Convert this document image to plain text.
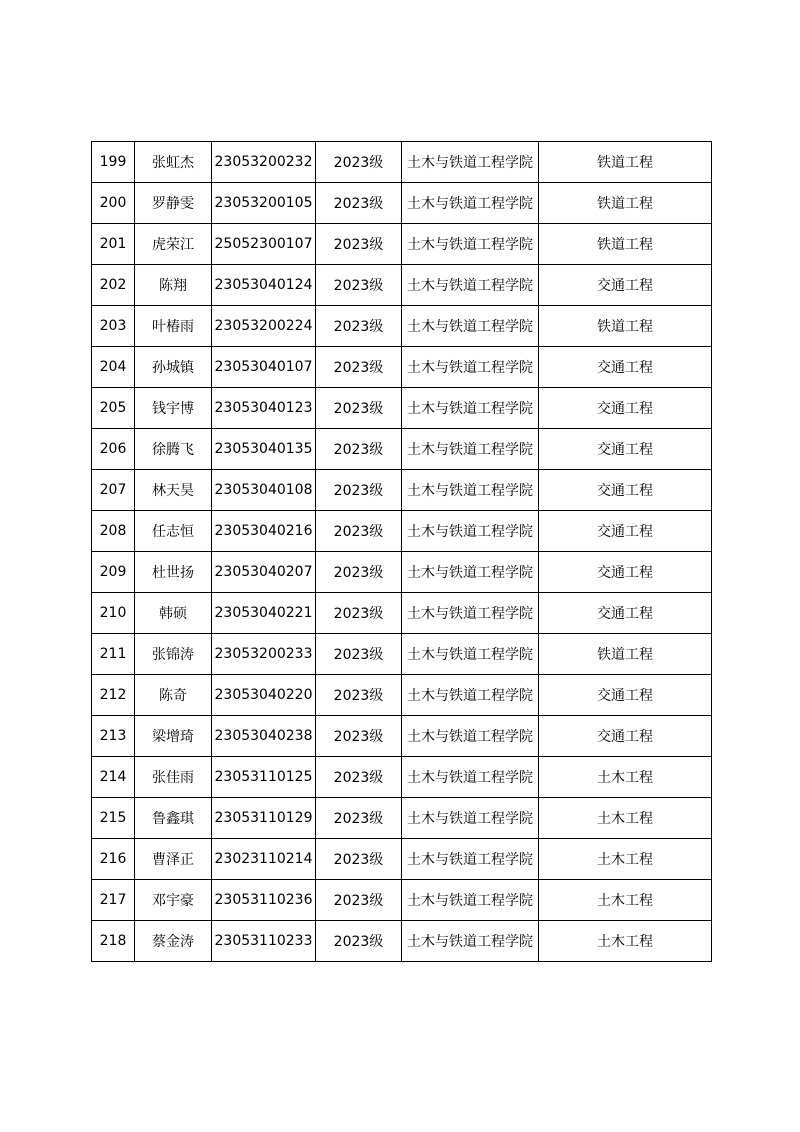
199	张虹杰	23053200232	2023级	土木与铁道工程学院	铁道工程
200	罗静雯	23053200105	2023级	土木与铁道工程学院	铁道工程
201	虎荣江	25052300107	2023级	土木与铁道工程学院	铁道工程
202	陈翔	23053040124	2023级	土木与铁道工程学院	交通工程
203	叶椿雨	23053200224	2023级	土木与铁道工程学院	铁道工程
204	孙城镇	23053040107	2023级	土木与铁道工程学院	交通工程
205	钱宇博	23053040123	2023级	土木与铁道工程学院	交通工程
206	徐腾飞	23053040135	2023级	土木与铁道工程学院	交通工程
207	林天昊	23053040108	2023级	土木与铁道工程学院	交通工程
208	任志恒	23053040216	2023级	土木与铁道工程学院	交通工程
209	杜世扬	23053040207	2023级	土木与铁道工程学院	交通工程
210	韩硕	23053040221	2023级	土木与铁道工程学院	交通工程
211	张锦涛	23053200233	2023级	土木与铁道工程学院	铁道工程
212	陈奇	23053040220	2023级	土木与铁道工程学院	交通工程
213	梁增琦	23053040238	2023级	土木与铁道工程学院	交通工程
214	张佳雨	23053110125	2023级	土木与铁道工程学院	土木工程
215	鲁鑫琪	23053110129	2023级	土木与铁道工程学院	土木工程
216	曹泽正	23023110214	2023级	土木与铁道工程学院	土木工程
217	邓宇豪	23053110236	2023级	土木与铁道工程学院	土木工程
218	蔡金涛	23053110233	2023级	土木与铁道工程学院	土木工程
